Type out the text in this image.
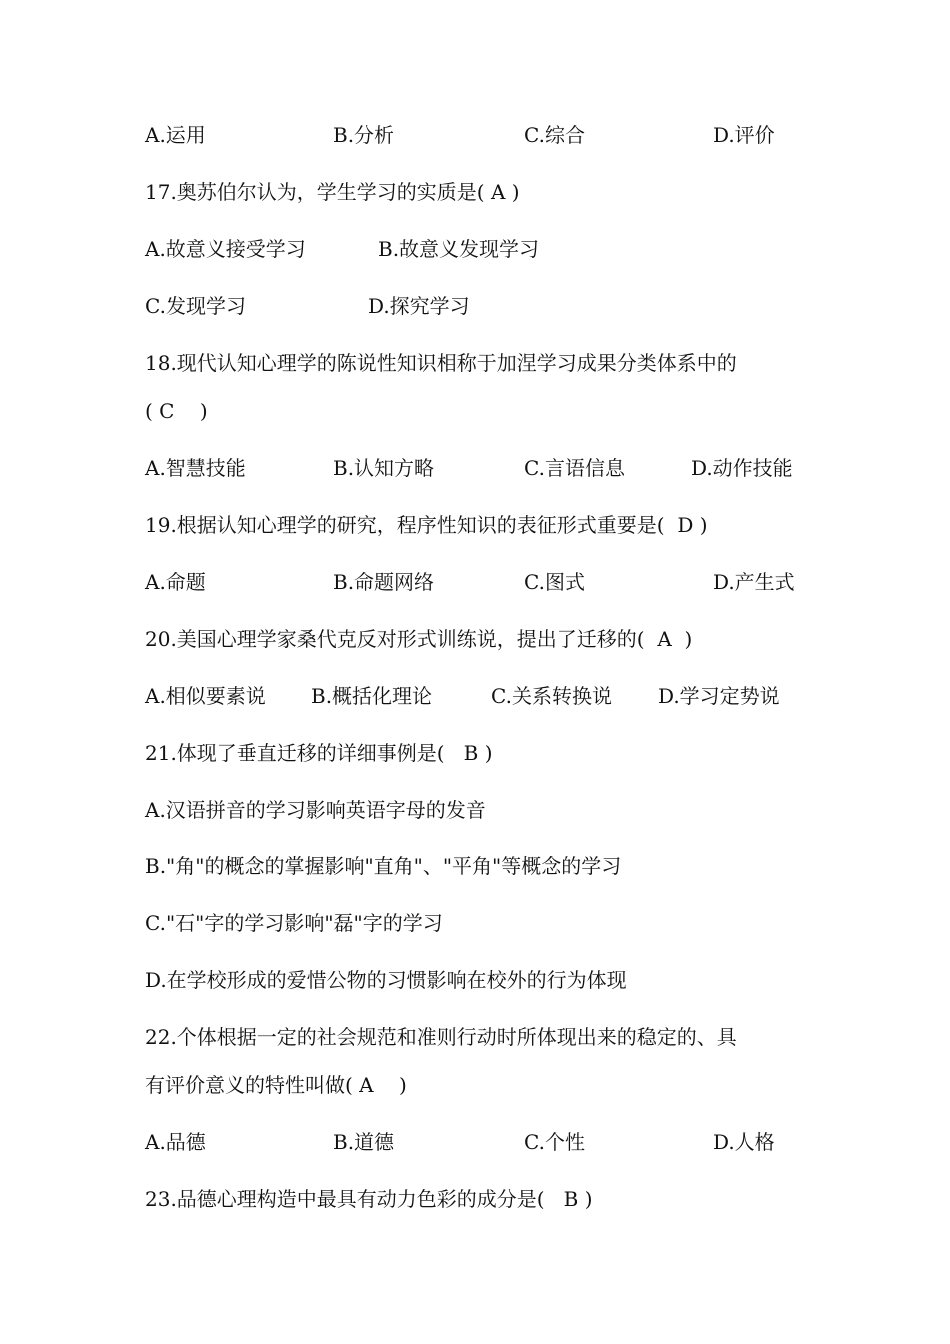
A.运用	B.分析	C.综合	D.评价
17.奥苏伯尔认为，学生学习的实质是( A )
A.故意义接受学习	B.故意义发现学习
C.发现学习	D.探究学习
18.现代认知心理学的陈说性知识相称于加涅学习成果分类体系中的
( C    )
A.智慧技能	B.认知方略	C.言语信息	D.动作技能
19.根据认知心理学的研究，程序性知识的表征形式重要是(  D )
A.命题	B.命题网络	C.图式	D.产生式
20.美国心理学家桑代克反对形式训练说，提出了迁移的(  A  )
A.相似要素说 B.概括化理论	C.关系转换说 D.学习定势说
21.体现了垂直迁移的详细事例是(   B )
A.汉语拼音的学习影响英语字母的发音
B."角"的概念的掌握影响"直角"、"平角"等概念的学习
C."石"字的学习影响"磊"字的学习
D.在学校形成的爱惜公物的习惯影响在校外的行为体现
22.个体根据一定的社会规范和准则行动时所体现出来的稳定的、具
有评价意义的特性叫做( A    )
A.品德	B.道德	C.个性	D.人格
23.品德心理构造中最具有动力色彩的成分是(   B )
